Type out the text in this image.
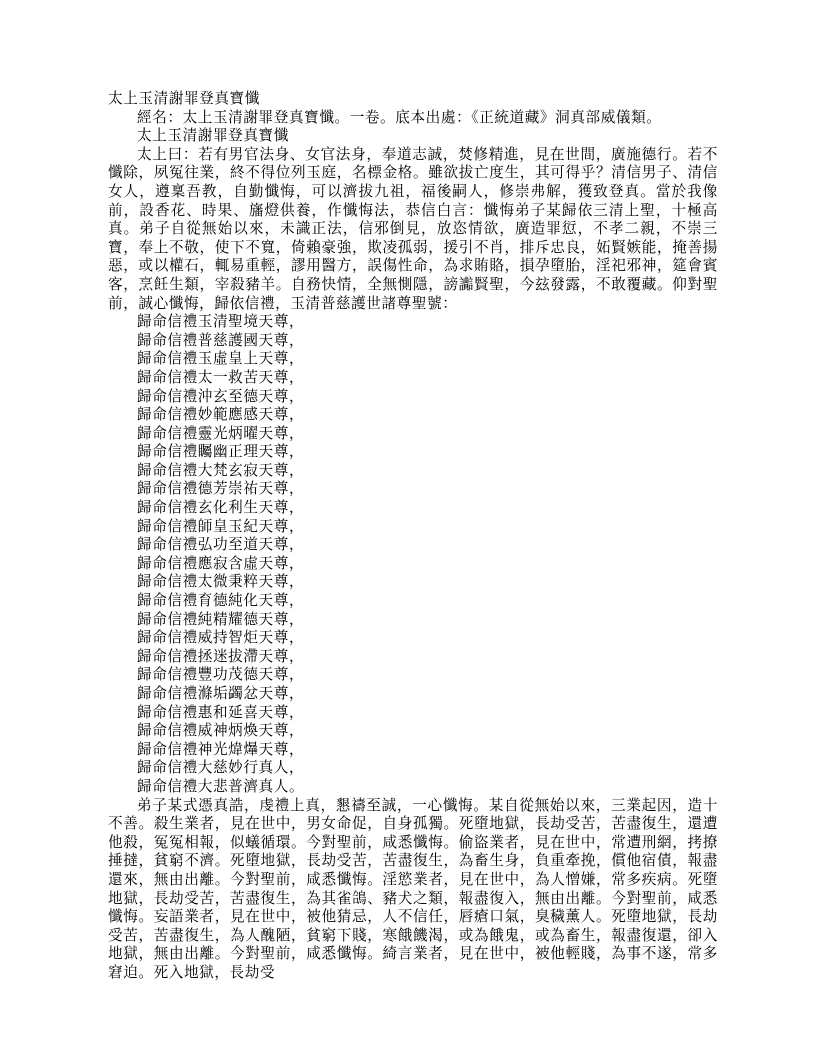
太上玉清謝罪登真寶懺

經名：太上玉清謝罪登真寶懺。一卷。底本出處：《正統道藏》洞真部威儀類。

太上玉清謝罪登真寶懺

太上曰：若有男官法身、女官法身，奉道志誠，焚修精進，見在世間，廣施德行。若不懺除，夙冤往業，終不得位列玉庭，名標金格。雖欲拔亡度生，其可得乎？清信男子、清信女人，遵稟吾教，自勤懺悔，可以濟拔九祖，福後嗣人，修崇弗解，獲致登真。當於我像前，設香花、時果、旛燈供養，作懺悔法，恭信白言：懺悔弟子某歸依三清上聖，十極高真。弟子自從無始以來，未識正法，信邪倒見，放恣情欲，廣造罪愆，不孝二親，不崇三寶，奉上不敬，使下不寬，倚賴豪強，欺凌孤弱，援引不肖，排斥忠良，妬賢嫉能，掩善揚惡，或以權石，輒易重輕，謬用醫方，誤傷性命，為求賄賂，損孕墮胎，淫祀邪神，筵會賓客，烹飪生類，宰殺豬羊。自務快情，全無惻隱，謗讟賢聖，今玆發露，不敢覆藏。仰對聖前，誠心懺悔，歸依信禮，玉清普慈護世諸尊聖號：

歸命信禮玉清聖境天尊，

歸命信禮普慈護國天尊，

歸命信禮玉虛皇上天尊，

歸命信禮太一救苦天尊，

歸命信禮沖玄至德天尊，

歸命信禮妙範應感天尊，

歸命信禮靈光炳曜天尊，

歸命信禮矚幽正理天尊，

歸命信禮大梵玄寂天尊，

歸命信禮德芳崇祐天尊，

歸命信禮玄化利生天尊，

歸命信禮師皇玉紀天尊，

歸命信禮弘功至道天尊，

歸命信禮應寂含虛天尊，

歸命信禮太微秉粹天尊，

歸命信禮育德純化天尊，

歸命信禮純精耀德天尊，

歸命信禮威持智炬天尊，

歸命信禮拯迷拔滯天尊，

歸命信禮豐功茂德天尊，

歸命信禮滌垢蠲忿天尊，

歸命信禮惠和延喜天尊，

歸命信禮威神炳煥天尊，

歸命信禮神光煒爗天尊，

歸命信禮大慈妙行真人，

歸命信禮大悲普濟真人。

弟子某式憑真誥，虔禮上真，懇禱至誠，一心懺悔。某自從無始以來，三業起因，造十不善。殺生業者，見在世中，男女命促，自身孤獨。死墮地獄，長劫受苦，苦盡復生，還遭他殺，冤冤相報，似蟻循環。今對聖前，咸悉懺悔。偷盜業者，見在世中，常遭刑網，拷撩捶撻，貧窮不濟。死墮地獄，長劫受苦，苦盡復生，為畜生身，負重牽挽，償他宿債，報盡還來，無由出離。今對聖前，咸悉懺悔。淫慾業者，見在世中，為人憎嫌，常多疾病。死墮地獄，長劫受苦，苦盡復生，為其雀鴿、豬犬之類，報盡復入，無由出離。今對聖前，咸悉懺悔。妄語業者，見在世中，被他猜忌，人不信任，唇瘡口氣，臭穢薰人。死墮地獄，長劫受苦，苦盡復生，為人醜陋，貧窮下賤，寒餓饑渴，或為餓鬼，或為畜生，報盡復還，卻入地獄，無由出離。今對聖前，咸悉懺悔。綺言業者，見在世中，被他輕賤，為事不遂，常多窘迫。死入地獄，長劫受
